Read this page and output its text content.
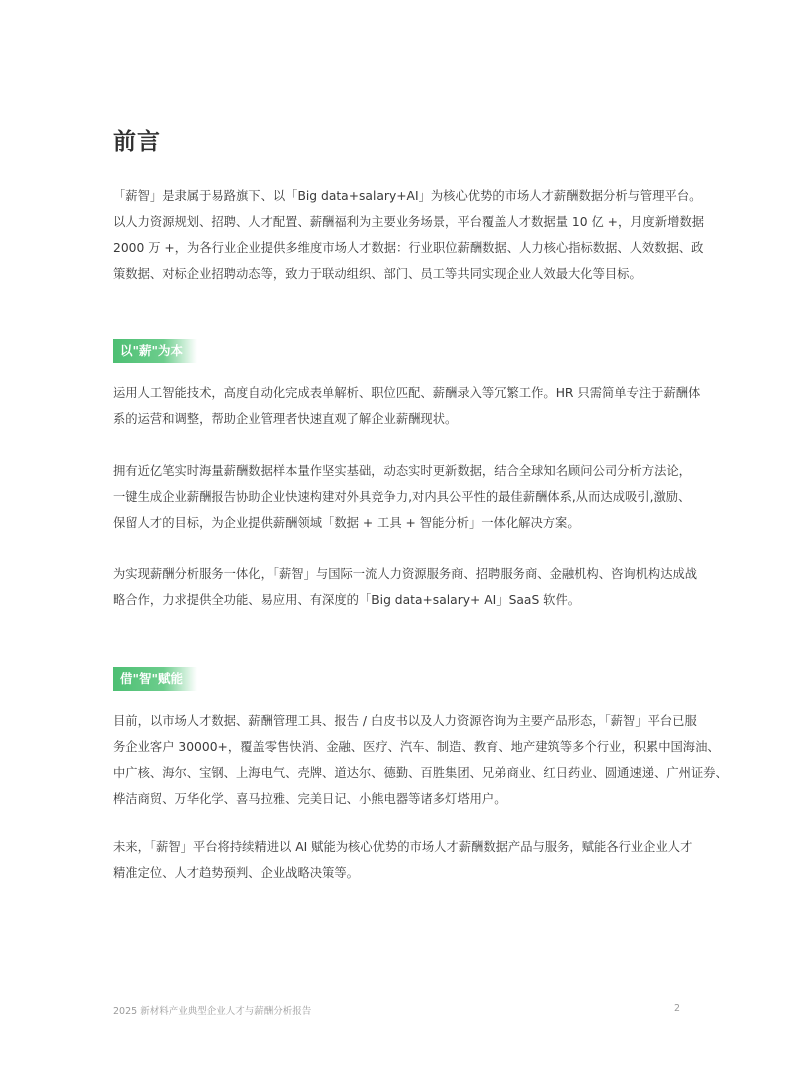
前言
「薪智」是隶属于易路旗下、以「Big data+salary+AI」为核心优势的市场人才薪酬数据分析与管理平台。
以人力资源规划、招聘、人才配置、薪酬福利为主要业务场景，平台覆盖人才数据量 10 亿 +，月度新增数据
2000 万 +，为各行业企业提供多维度市场人才数据：行业职位薪酬数据、人力核心指标数据、人效数据、政
策数据、对标企业招聘动态等，致力于联动组织、部门、员工等共同实现企业人效最大化等目标。
以"薪"为本
运用人工智能技术，高度自动化完成表单解析、职位匹配、薪酬录入等冗繁工作。HR 只需简单专注于薪酬体
系的运营和调整，帮助企业管理者快速直观了解企业薪酬现状。
拥有近亿笔实时海量薪酬数据样本量作坚实基础，动态实时更新数据，结合全球知名顾问公司分析方法论，
一键生成企业薪酬报告协助企业快速构建对外具竞争力,对内具公平性的最佳薪酬体系,从而达成吸引,激励、
保留人才的目标，为企业提供薪酬领域「数据 + 工具 + 智能分析」一体化解决方案。
为实现薪酬分析服务一体化，「薪智」与国际一流人力资源服务商、招聘服务商、金融机构、咨询机构达成战
略合作，力求提供全功能、易应用、有深度的「Big data+salary+ AI」SaaS 软件。
借"智"赋能
目前，以市场人才数据、薪酬管理工具、报告 / 白皮书以及人力资源咨询为主要产品形态，「薪智」平台已服
务企业客户 30000+，覆盖零售快消、金融、医疗、汽车、制造、教育、地产建筑等多个行业，积累中国海油、
中广核、海尔、宝钢、上海电气、壳牌、道达尔、德勤、百胜集团、兄弟商业、红日药业、圆通速递、广州证券、
桦洁商贸、万华化学、喜马拉雅、完美日记、小熊电器等诸多灯塔用户。
未来，「薪智」平台将持续精进以 AI 赋能为核心优势的市场人才薪酬数据产品与服务，赋能各行业企业人才
精准定位、人才趋势预判、企业战略决策等。
2025 新材料产业典型企业人才与薪酬分析报告	2
